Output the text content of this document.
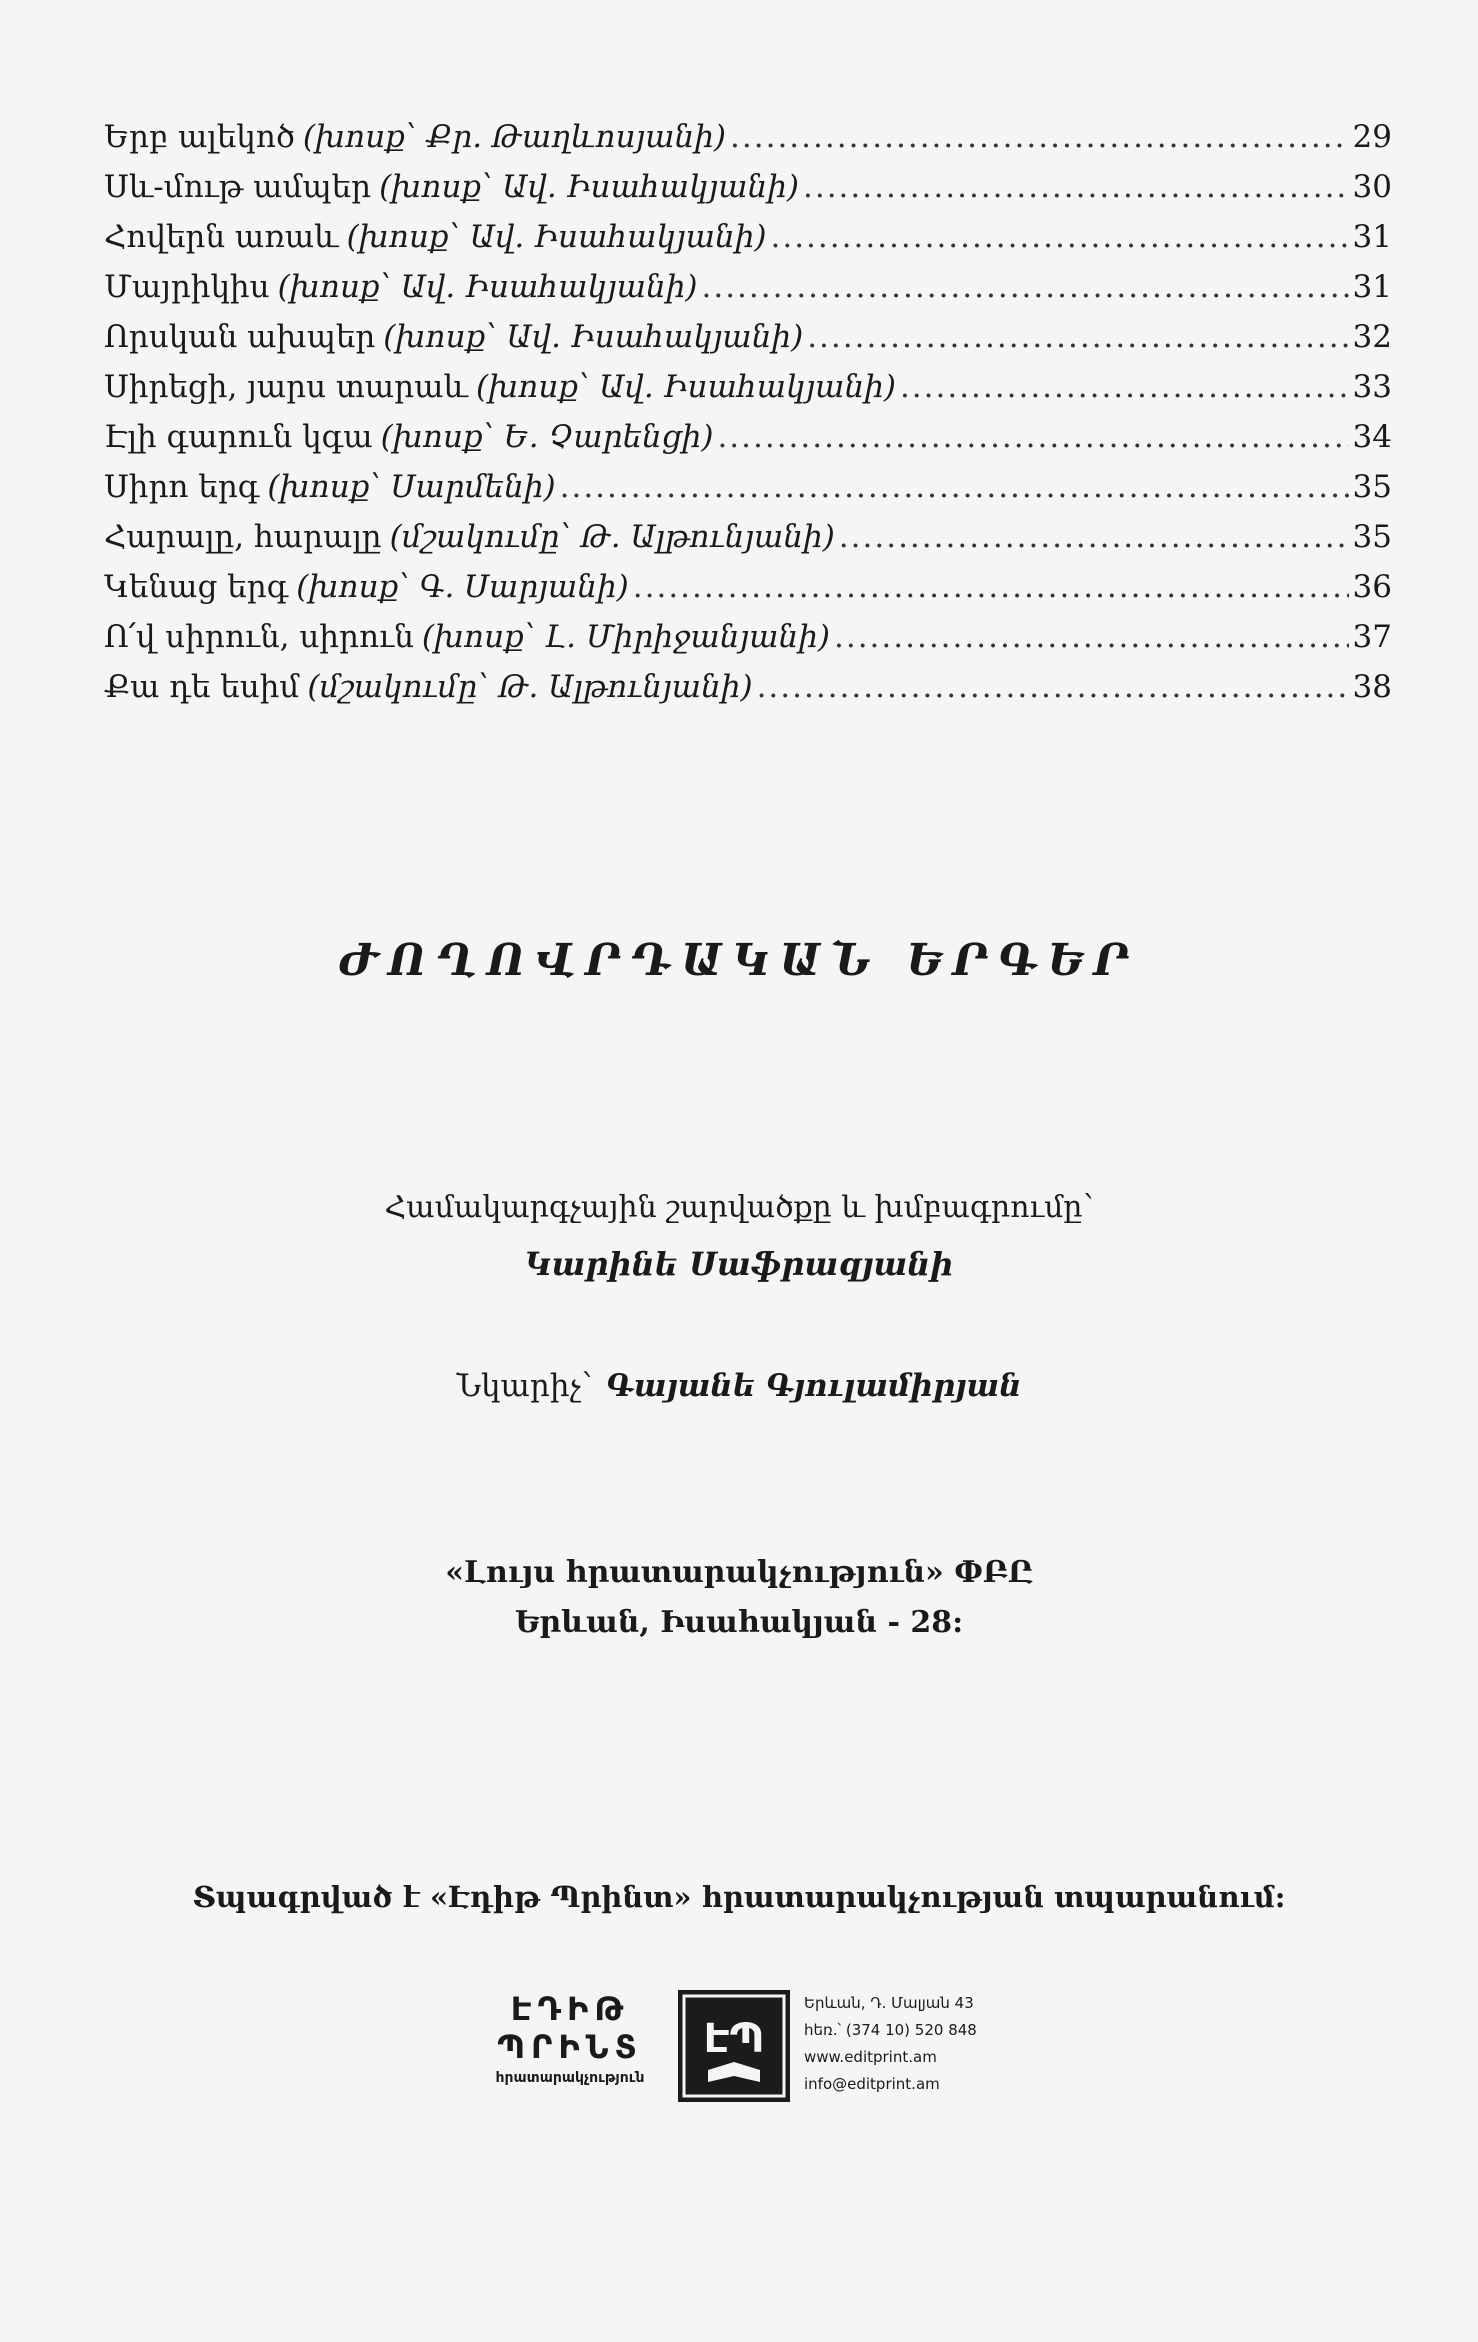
Երբ ալեկոծ (խոսք՝ Քր. Թաղևոսյանի) .....	29
Սև-մութ ամպեր (խոսք՝ Ավ. Իսահակյանի) .....	30
Հովերն առաև (խոսք՝ Ավ. Իսահակյանի) .....	31
Մայրիկիս (խոսք՝ Ավ. Իսահակյանի) .....	31
Որսկան ախպեր (խոսք՝ Ավ. Իսահակյանի) .....	32
Սիրեցի, յարս տարաև (խոսք՝ Ավ. Իսահակյանի) .....	33
Էլի գարուն կգա (խոսք՝ Ե. Չարենցի) .....	34
Սիրո երգ (խոսք՝ Սարմենի) .....	35
Հարալը, հարալը (մշակումը՝ Թ. Ալթունյանի) .....	35
Կենաց երգ (խոսք՝ Գ. Սարյանի) .....	36
Ո՛վ սիրուն, սիրուն (խոսք՝ Լ. Միրիջանյանի) .....	37
Քա դե եսիմ (մշակումը՝ Թ. Ալթունյանի) .....	38
ԺՈՂՈՎՐԴԱԿԱՆ ԵՐԳԵՐ
Համակարգչային շարվածքը և խմբագրումը՝
Կարինե Սաֆրազյանի
Նկարիչ՝ Գայանե Գյուլամիրյան
«Լույս հրատարակչություն» ՓԲԸ
Երևան, Իսահակյան - 28:
Տպագրված է «Էդիթ Պրինտ» հրատարակչության տպարանում:
ԷԴԻԹ
ՊՐԻՆՏ
հրատարակչություն
ԷՊ
Երևան, Դ. Մալյան 43
հեռ.՝ (374 10) 520 848
www.editprint.am
info@editprint.am
